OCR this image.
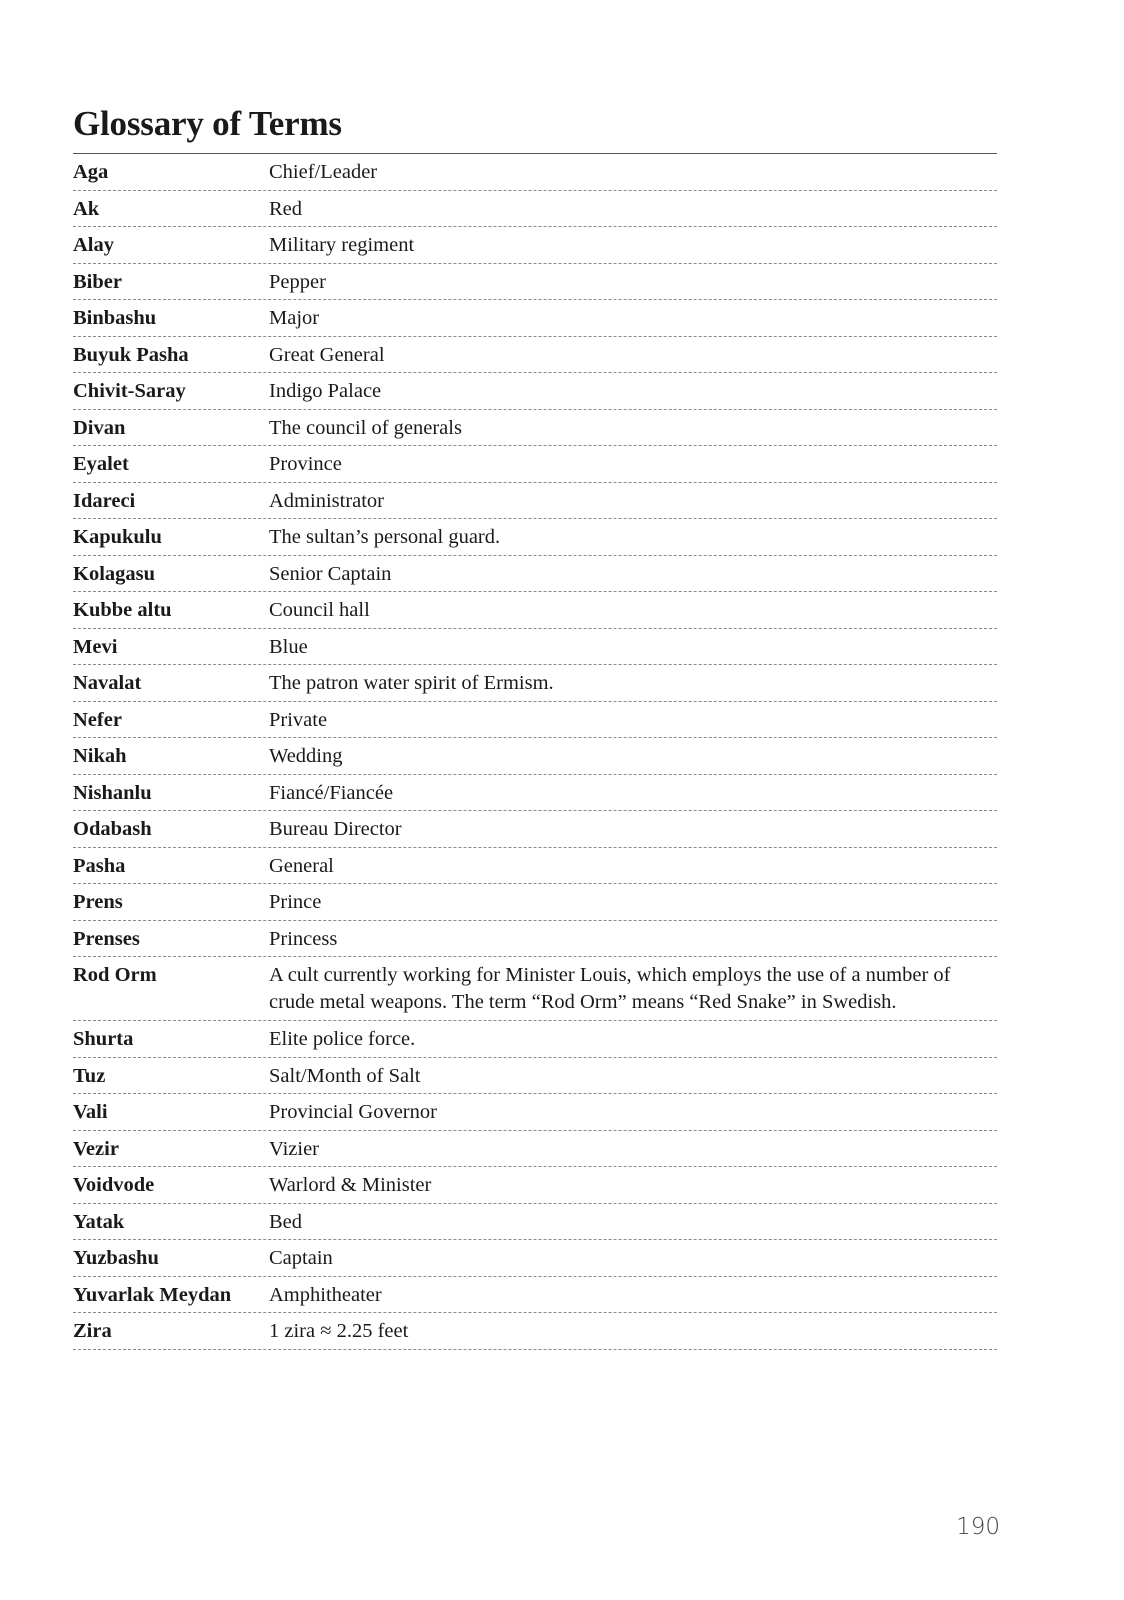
Glossary of Terms
Aga	Chief/Leader
Ak	Red
Alay	Military regiment
Biber	Pepper
Binbashu	Major
Buyuk Pasha	Great General
Chivit-Saray	Indigo Palace
Divan	The council of generals
Eyalet	Province
Idareci	Administrator
Kapukulu	The sultan’s personal guard.
Kolagasu	Senior Captain
Kubbe altu	Council hall
Mevi	Blue
Navalat	The patron water spirit of Ermism.
Nefer	Private
Nikah	Wedding
Nishanlu	Fiancé/Fiancée
Odabash	Bureau Director
Pasha	General
Prens	Prince
Prenses	Princess
Rod Orm	A cult currently working for Minister Louis, which employs the use of a number of crude metal weapons. The term “Rod Orm” means “Red Snake” in Swedish.
Shurta	Elite police force.
Tuz	Salt/Month of Salt
Vali	Provincial Governor
Vezir	Vizier
Voidvode	Warlord & Minister
Yatak	Bed
Yuzbashu	Captain
Yuvarlak Meydan	Amphitheater
Zira	1 zira ≈ 2.25 feet
190
